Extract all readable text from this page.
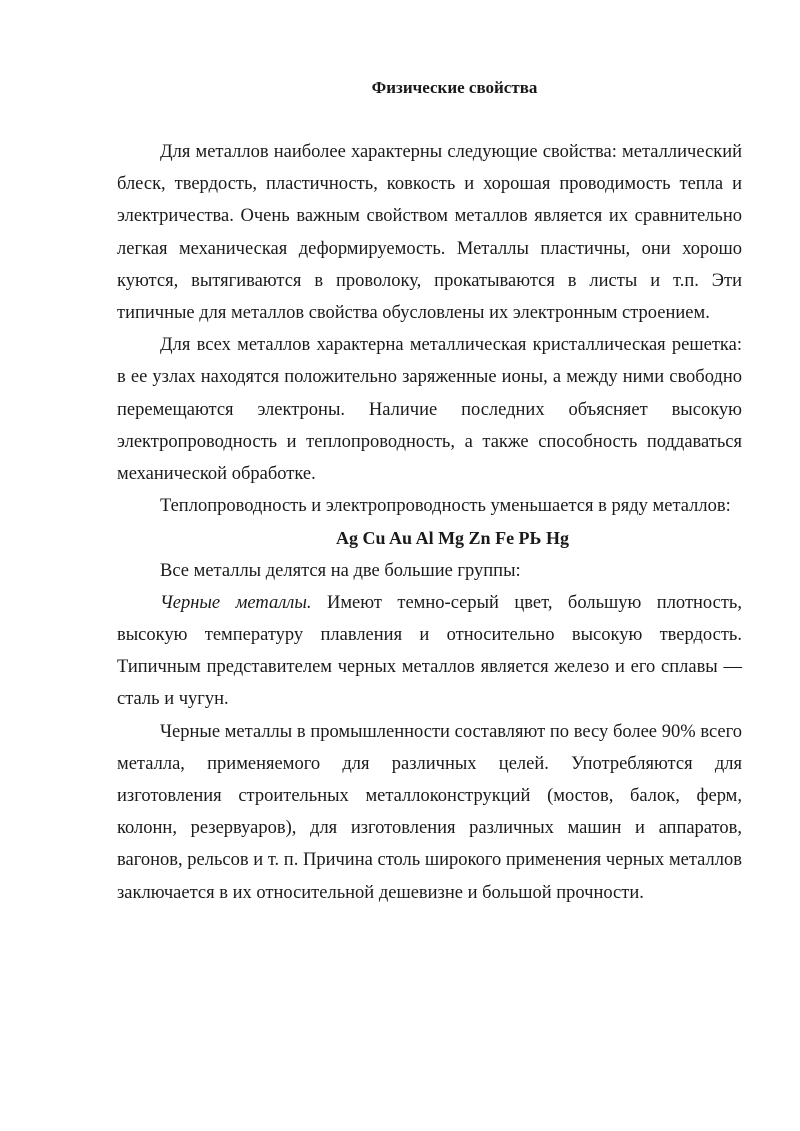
Физические свойства

Для металлов наиболее характерны следующие свойства: металлический блеск, твердость, пластичность, ковкость и хорошая проводимость тепла и электричества. Очень важным свойством металлов является их сравнительно легкая механическая деформируемость. Металлы пластичны, они хорошо куются, вытягиваются в проволоку, прокатываются в листы и т.п. Эти типичные для металлов свойства обусловлены их электронным строением.

Для всех металлов характерна металлическая кристаллическая решетка: в ее узлах находятся положительно заряженные ионы, а между ними свободно перемещаются электроны. Наличие последних объясняет высокую электропроводность и теплопроводность, а также способность поддаваться механической обработке.

Теплопроводность и электропроводность уменьшается в ряду металлов:

Ag Cu Au Al Mg Zn Fe PЬ Hg

Все металлы делятся на две большие группы:

Черные металлы. Имеют темно-серый цвет, большую плотность, высокую температуру плавления и относительно высокую твердость. Типичным представителем черных металлов является железо и его сплавы — сталь и чугун.

Черные металлы в промышленности составляют по весу более 90% всего металла, применяемого для различных целей. Употребляются для изготовления строительных металлоконструкций (мостов, балок, ферм, колонн, резервуаров), для изготовления различных машин и аппаратов, вагонов, рельсов и т. п. Причина столь широкого применения черных металлов заключается в их относительной дешевизне и большой прочности.
